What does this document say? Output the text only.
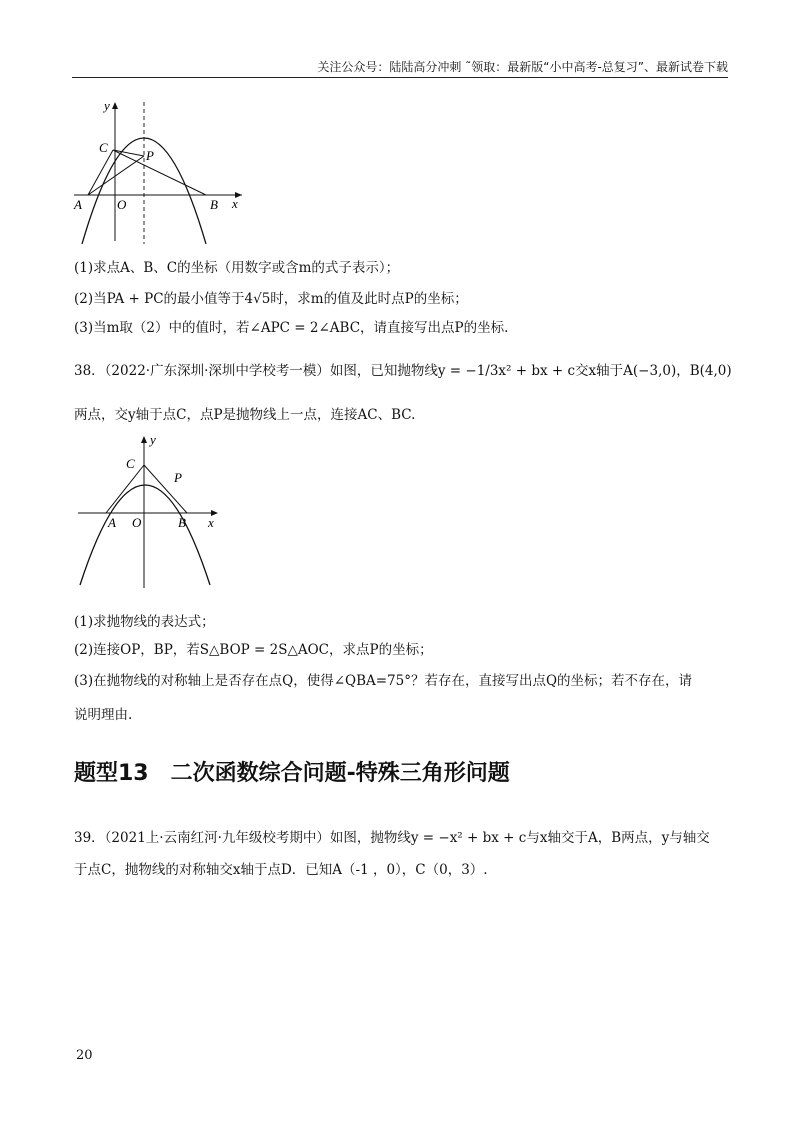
关注公众号：陆陆高分冲刺 ˜领取：最新版“小中高考-总复习”、最新试卷下载
y
x
C
P
A	O	B
(1)求点A、B、C的坐标（用数字或含m的式子表示）；
(2)当PA + PC的最小值等于4√5时，求m的值及此时点P的坐标；
(3)当m取（2）中的值时，若∠APC = 2∠ABC，请直接写出点P的坐标.
38．（2022·广东深圳·深圳中学校考一模）如图，已知抛物线y = −1/3x² + bx + c交x轴于A(−3,0)，B(4,0)
两点，交y轴于点C，点P是抛物线上一点，连接AC、BC.
y
x
C
P
A O	B
(1)求抛物线的表达式；
(2)连接OP，BP，若S△BOP = 2S△AOC，求点P的坐标；
(3)在抛物线的对称轴上是否存在点Q，使得∠QBA=75°？若存在，直接写出点Q的坐标；若不存在，请
说明理由.
题型13　二次函数综合问题-特殊三角形问题
39．（2021上·云南红河·九年级校考期中）如图，抛物线y = −x² + bx + c与x轴交于A，B两点，y与轴交
于点C，抛物线的对称轴交x轴于点D．已知A（-1 ，0），C（0，3）.
20
